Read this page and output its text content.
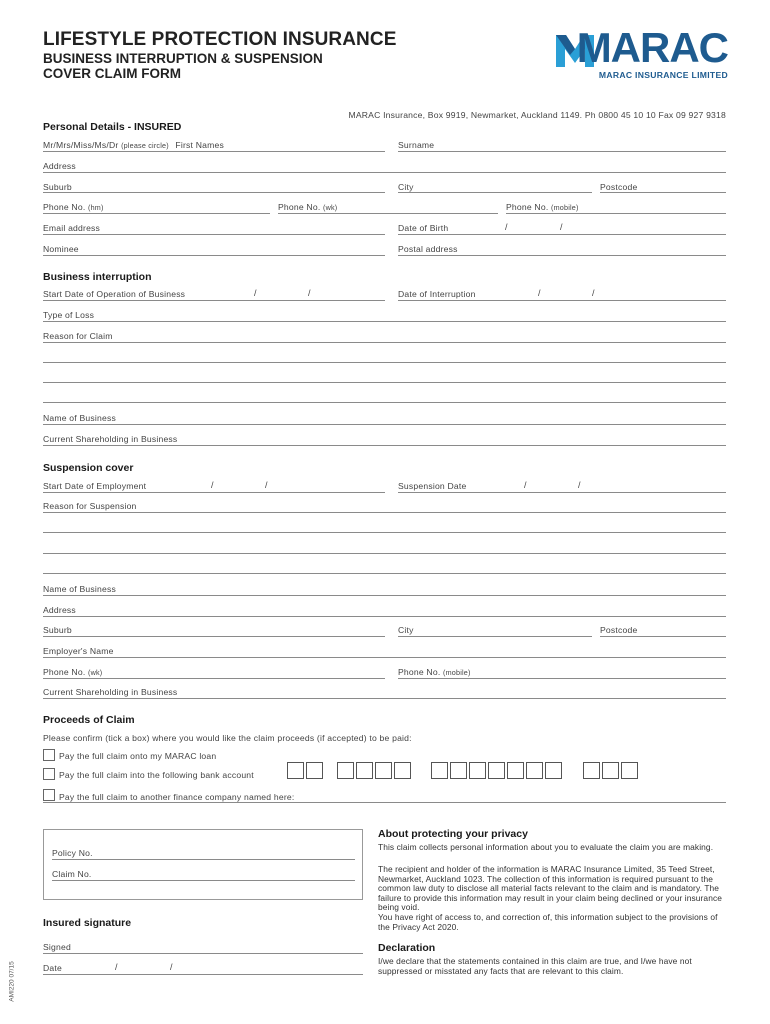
LIFESTYLE PROTECTION INSURANCE
BUSINESS INTERRUPTION & SUSPENSION
COVER CLAIM FORM
MARAC
MARAC INSURANCE LIMITED
MARAC Insurance, Box 9919, Newmarket, Auckland 1149. Ph 0800 45 10 10 Fax 09 927 9318
Personal Details - INSURED
Mr/Mrs/Miss/Ms/Dr (please circle) First Names	Surname
Address
Suburb	City	Postcode
Phone No. (hm)	Phone No. (wk)	Phone No. (mobile)
Email address	Date of Birth	/	/
Nominee	Postal address
Business interruption
Start Date of Operation of Business	/	/	Date of Interruption	/	/
Type of Loss
Reason for Claim
Name of Business
Current Shareholding in Business
Suspension cover
Start Date of Employment	/	/	Suspension Date	/	/
Reason for Suspension
Name of Business
Address
Suburb	City	Postcode
Employer's Name
Phone No. (wk)	Phone No. (mobile)
Current Shareholding in Business
Proceeds of Claim
Please confirm (tick a box) where you would like the claim proceeds (if accepted) to be paid:
Pay the full claim onto my MARAC loan
Pay the full claim into the following bank account
Pay the full claim to another finance company named here:
Policy No.
Claim No.
Insured signature
Signed
Date	/	/
About protecting your privacy
This claim collects personal information about you to evaluate the claim you are making.
The recipient and holder of the information is MARAC Insurance Limited, 35 Teed Street, Newmarket, Auckland 1023. The collection of this information is required pursuant to the common law duty to disclose all material facts relevant to the claim and is mandatory. The failure to provide this information may result in your claim being declined or your insurance being void.
You have right of access to, and correction of, this information subject to the provisions of the Privacy Act 2020.
Declaration
I/we declare that the statements contained in this claim are true, and I/we have not suppressed or misstated any facts that are relevant to this claim.
AMI220 07/15
